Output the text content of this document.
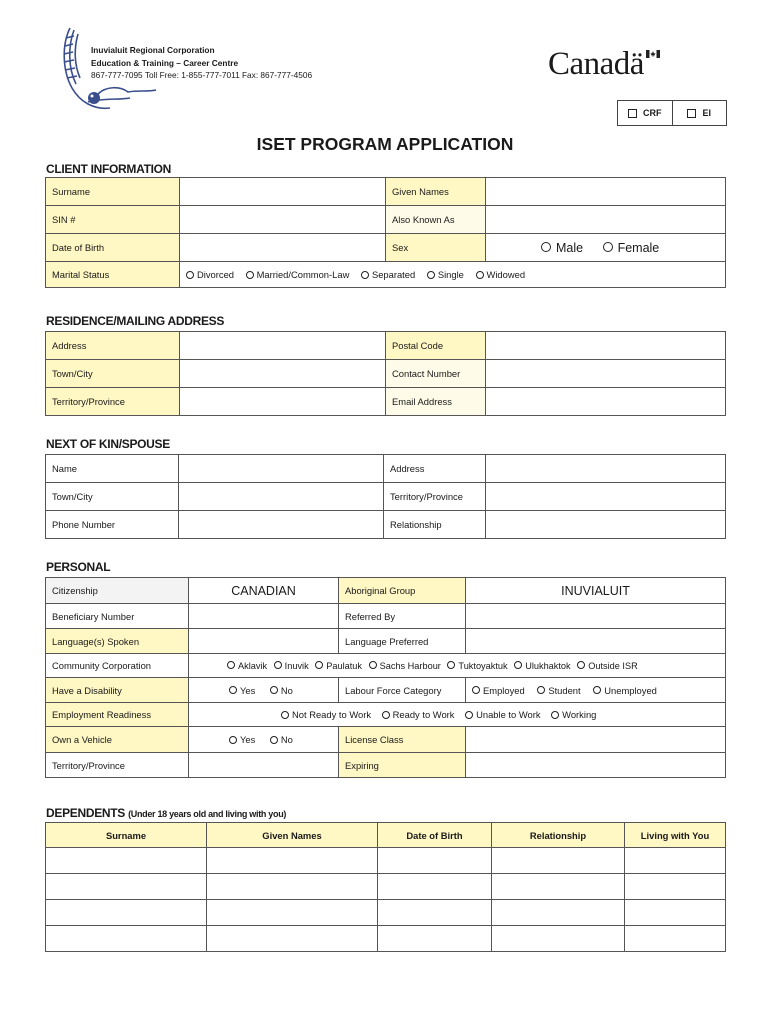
Inuvialuit Regional Corporation
Education & Training – Career Centre
867-777-7095 Toll Free: 1-855-777-7011 Fax: 867-777-4506	Canadä
CRF	EI
ISET PROGRAM APPLICATION
CLIENT INFORMATION
Surname		Given Names	
SIN #		Also Known As	
Date of Birth		Sex	Male Female
Marital Status	Divorced Married/Common-Law Separated Single Widowed		
RESIDENCE/MAILING ADDRESS
Address		Postal Code	
Town/City		Contact Number	
Territory/Province		Email Address	
NEXT OF KIN/SPOUSE
Name		Address	
Town/City		Territory/Province	
Phone Number		Relationship	
PERSONAL
Citizenship	CANADIAN	Aboriginal Group	INUVIALUIT
Beneficiary Number		Referred By	
Language(s) Spoken		Language Preferred	
Community Corporation	Aklavik Inuvik Paulatuk Sachs Harbour Tuktoyaktuk Ulukhaktok Outside ISR		
Have a Disability	Yes No	Labour Force Category	Employed Student Unemployed
Employment Readiness	Not Ready to Work Ready to Work Unable to Work Working		
Own a Vehicle	Yes No	License Class	
Territory/Province		Expiring	
DEPENDENTS (Under 18 years old and living with you)
Surname	Given Names	Date of Birth	Relationship	Living with You
